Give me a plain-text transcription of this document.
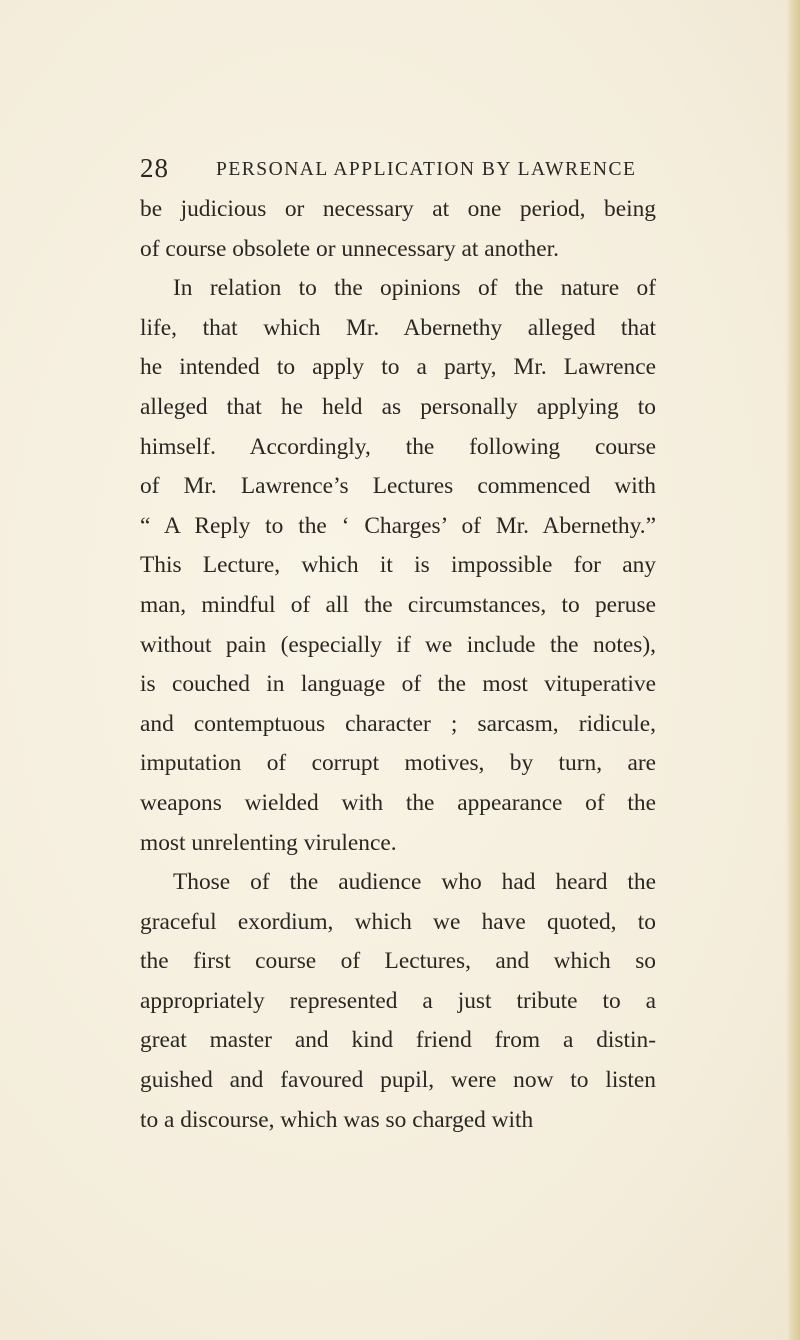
28 PERSONAL APPLICATION BY LAWRENCE
be judicious or necessary at one period, being
of course obsolete or unnecessary at another.
In relation to the opinions of the nature of
life, that which Mr. Abernethy alleged that
he intended to apply to a party, Mr. Lawrence
alleged that he held as personally applying to
himself. Accordingly, the following course
of Mr. Lawrence’s Lectures commenced with
“ A Reply to the ‘ Charges’ of Mr. Abernethy.”
This Lecture, which it is impossible for any
man, mindful of all the circumstances, to peruse
without pain (especially if we include the notes),
is couched in language of the most vituperative
and contemptuous character ; sarcasm, ridicule,
imputation of corrupt motives, by turn, are
weapons wielded with the appearance of the
most unrelenting virulence.
Those of the audience who had heard the
graceful exordium, which we have quoted, to
the first course of Lectures, and which so
appropriately represented a just tribute to a
great master and kind friend from a distin-
guished and favoured pupil, were now to listen
to a discourse, which was so charged with
